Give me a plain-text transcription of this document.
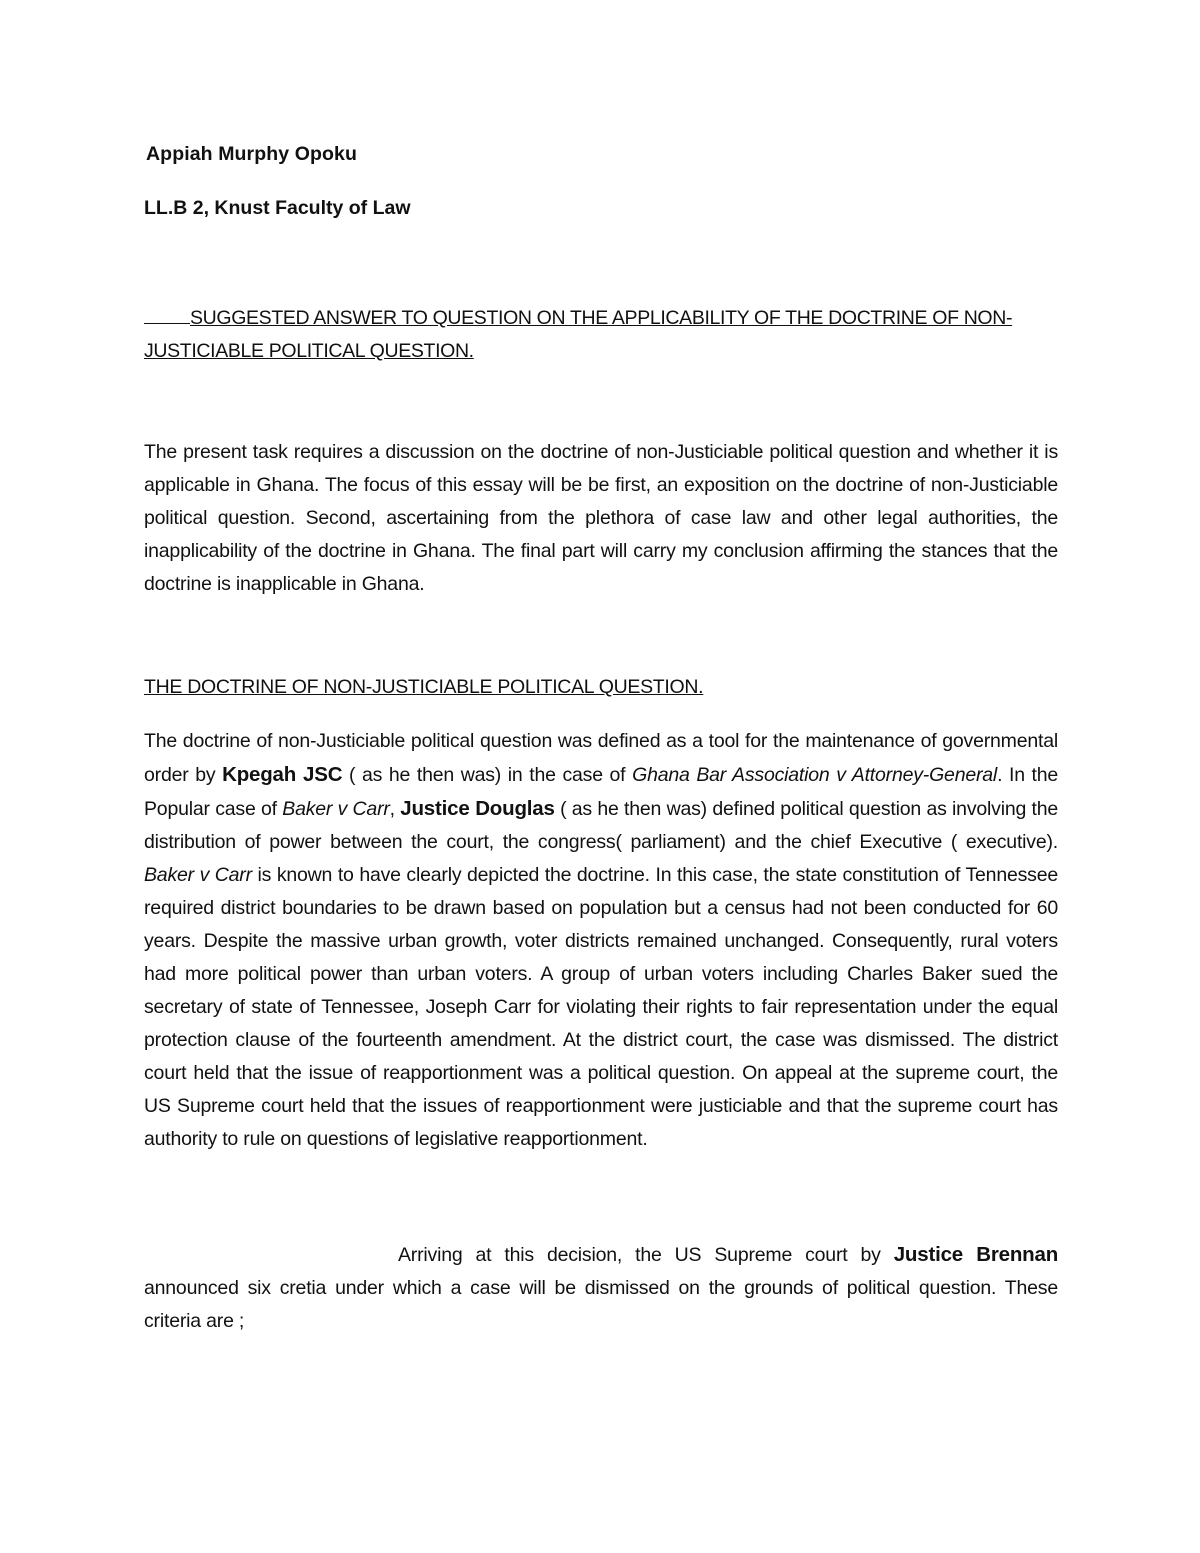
Appiah Murphy Opoku

LL.B 2, Knust Faculty of Law

SUGGESTED ANSWER TO QUESTION ON THE APPLICABILITY OF THE DOCTRINE OF NON-JUSTICIABLE POLITICAL QUESTION.

The present task requires a discussion on the doctrine of non-Justiciable political question and whether it is applicable in Ghana. The focus of this essay will be be first, an exposition on the doctrine of non-Justiciable political question. Second, ascertaining from the plethora of case law and other legal authorities, the inapplicability of the doctrine in Ghana. The final part will carry my conclusion affirming the stances that the doctrine is inapplicable in Ghana.

THE DOCTRINE OF NON-JUSTICIABLE POLITICAL QUESTION.

The doctrine of non-Justiciable political question was defined as a tool for the maintenance of governmental order by Kpegah JSC ( as he then was) in the case of Ghana Bar Association v Attorney-General. In the Popular case of Baker v Carr, Justice Douglas ( as he then was) defined political question as involving the distribution of power between the court, the congress( parliament) and the chief Executive ( executive). Baker v Carr is known to have clearly depicted the doctrine. In this case, the state constitution of Tennessee required district boundaries to be drawn based on population but a census had not been conducted for 60 years. Despite the massive urban growth, voter districts remained unchanged. Consequently, rural voters had more political power than urban voters. A group of urban voters including Charles Baker sued the secretary of state of Tennessee, Joseph Carr for violating their rights to fair representation under the equal protection clause of the fourteenth amendment. At the district court, the case was dismissed. The district court held that the issue of reapportionment was a political question. On appeal at the supreme court, the US Supreme court held that the issues of reapportionment were justiciable and that the supreme court has authority to rule on questions of legislative reapportionment.

Arriving at this decision, the US Supreme court by Justice Brennan announced six cretia under which a case will be dismissed on the grounds of political question. These criteria are ;
